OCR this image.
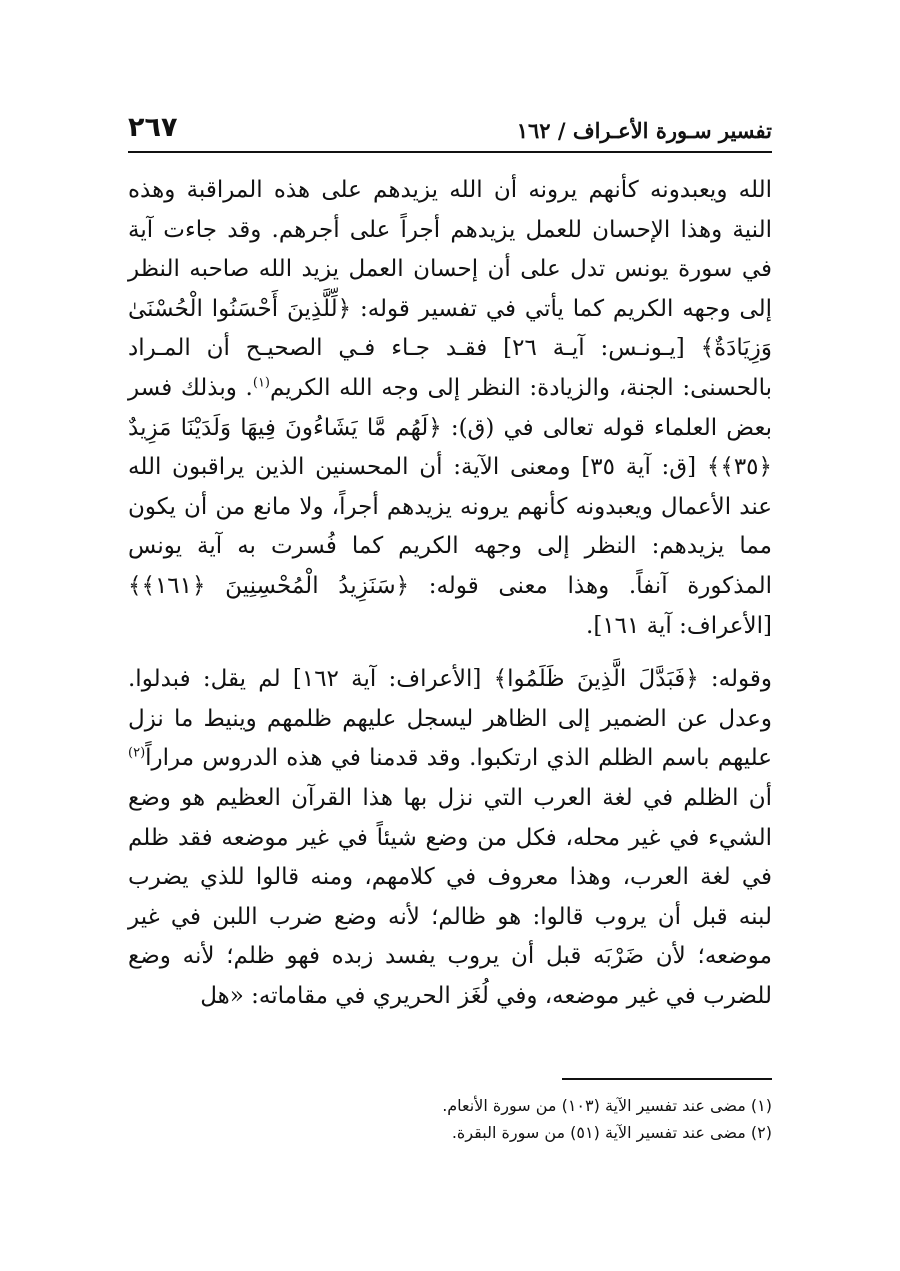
تفسير سـورة الأعـراف / ١٦٢
٢٦٧

الله ويعبدونه كأنهم يرونه أن الله يزيدهم على هذه المراقبة وهذه النية وهذا الإحسان للعمل يزيدهم أجراً على أجرهم. وقد جاءت آية في سورة يونس تدل على أن إحسان العمل يزيد الله صاحبه النظر إلى وجهه الكريم كما يأتي في تفسير قوله: ﴿لِّلَّذِينَ أَحْسَنُوا الْحُسْنَىٰ وَزِيَادَةٌ﴾ [يـونـس: آيـة ٢٦] فقـد جـاء فـي الصحيـح أن المـراد بالحسنى: الجنة، والزيادة: النظر إلى وجه الله الكريم$^{(١)}$. وبذلك فسر بعض العلماء قوله تعالى في (ق): ﴿لَهُم مَّا يَشَاءُونَ فِيهَا وَلَدَيْنَا مَزِيدٌ ﴿٣٥﴾﴾ [ق: آية ٣٥] ومعنى الآية: أن المحسنين الذين يراقبون الله عند الأعمال ويعبدونه كأنهم يرونه يزيدهم أجراً، ولا مانع من أن يكون مما يزيدهم: النظر إلى وجهه الكريم كما فُسرت به آية يونس المذكورة آنفاً. وهذا معنى قوله: ﴿سَنَزِيدُ الْمُحْسِنِينَ ﴿١٦١﴾﴾ [الأعراف: آية ١٦١].

وقوله: ﴿فَبَدَّلَ الَّذِينَ ظَلَمُوا﴾ [الأعراف: آية ١٦٢] لم يقل: فبدلوا. وعدل عن الضمير إلى الظاهر ليسجل عليهم ظلمهم وينيط ما نزل عليهم باسم الظلم الذي ارتكبوا. وقد قدمنا في هذه الدروس مراراً$^{(٢)}$ أن الظلم في لغة العرب التي نزل بها هذا القرآن العظيم هو وضع الشيء في غير محله، فكل من وضع شيئاً في غير موضعه فقد ظلم في لغة العرب، وهذا معروف في كلامهم، ومنه قالوا للذي يضرب لبنه قبل أن يروب قالوا: هو ظالم؛ لأنه وضع ضرب اللبن في غير موضعه؛ لأن ضَرْبَه قبل أن يروب يفسد زبده فهو ظلم؛ لأنه وضع للضرب في غير موضعه، وفي لُغَز الحريري في مقاماته: «هل

(١) مضى عند تفسير الآية (١٠٣) من سورة الأنعام.
(٢) مضى عند تفسير الآية (٥١) من سورة البقرة.
